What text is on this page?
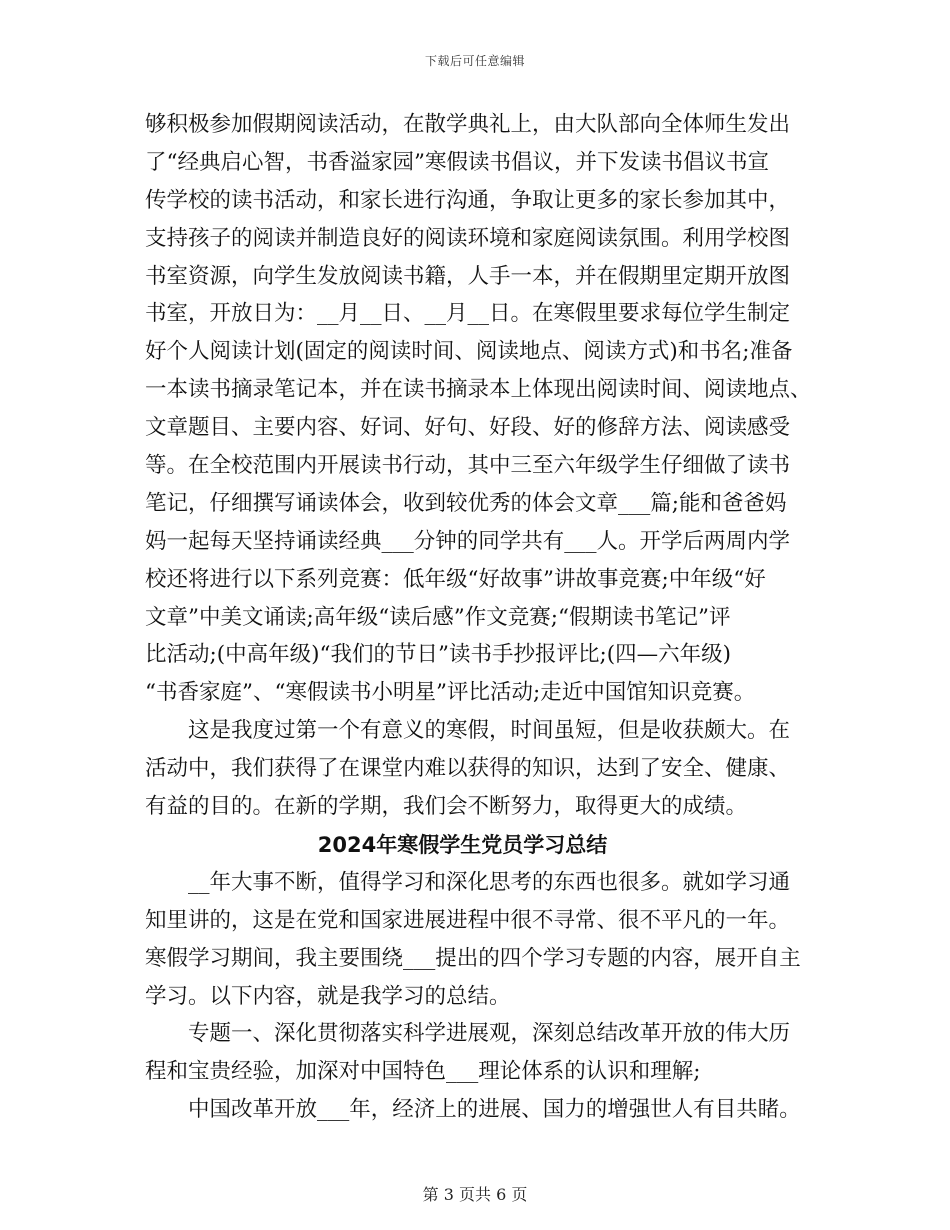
下载后可任意编辑
够积极参加假期阅读活动，在散学典礼上，由大队部向全体师生发出
了“经典启心智，书香溢家园”寒假读书倡议，并下发读书倡议书宣
传学校的读书活动，和家长进行沟通，争取让更多的家长参加其中，
支持孩子的阅读并制造良好的阅读环境和家庭阅读氛围。利用学校图
书室资源，向学生发放阅读书籍，人手一本，并在假期里定期开放图
书室，开放日为：__月__日、__月__日。在寒假里要求每位学生制定
好个人阅读计划(固定的阅读时间、阅读地点、阅读方式)和书名;准备
一本读书摘录笔记本，并在读书摘录本上体现出阅读时间、阅读地点、
文章题目、主要内容、好词、好句、好段、好的修辞方法、阅读感受
等。在全校范围内开展读书行动，其中三至六年级学生仔细做了读书
笔记，仔细撰写诵读体会，收到较优秀的体会文章___篇;能和爸爸妈
妈一起每天坚持诵读经典___分钟的同学共有___人。开学后两周内学
校还将进行以下系列竞赛：低年级“好故事”讲故事竞赛;中年级“好
文章”中美文诵读;高年级“读后感”作文竞赛;“假期读书笔记”评
比活动;(中高年级)“我们的节日”读书手抄报评比;(四—六年级)
“书香家庭”、“寒假读书小明星”评比活动;走近中国馆知识竞赛。
　　这是我度过第一个有意义的寒假，时间虽短，但是收获颇大。在
活动中，我们获得了在课堂内难以获得的知识，达到了安全、健康、
有益的目的。在新的学期，我们会不断努力，取得更大的成绩。
2024年寒假学生党员学习总结
　　__年大事不断，值得学习和深化思考的东西也很多。就如学习通
知里讲的，这是在党和国家进展进程中很不寻常、很不平凡的一年。
寒假学习期间，我主要围绕___提出的四个学习专题的内容，展开自主
学习。以下内容，就是我学习的总结。
　　专题一、深化贯彻落实科学进展观，深刻总结改革开放的伟大历
程和宝贵经验，加深对中国特色___理论体系的认识和理解;
　　中国改革开放___年，经济上的进展、国力的增强世人有目共睹。
第 3 页共 6 页
